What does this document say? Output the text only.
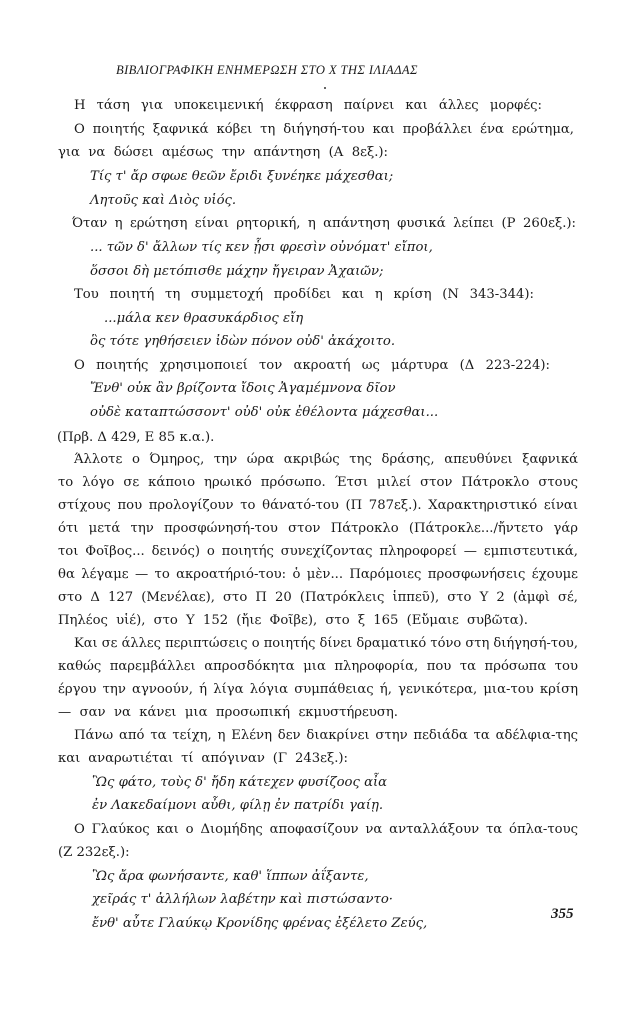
ΒΙΒΛΙΟΓΡΑΦΙΚΗ ΕΝΗΜΕΡΩΣΗ ΣΤΟ Χ ΤΗΣ ΙΛΙΑΔΑΣ
Η τάση για υποκειμενική έκφραση παίρνει και άλλες μορφές:
Ο ποιητής ξαφνικά κόβει τη διήγησή-του και προβάλλει ένα ερώτημα,
για να δώσει αμέσως την απάντηση (Α 8εξ.):
Τίς τ' ἄρ σφωε θεῶν ἔριδι ξυνέηκε μάχεσθαι;
Λητοῦς καὶ Διὸς υἱός.
Όταν η ερώτηση είναι ρητορική, η απάντηση φυσικά λείπει (Ρ 260εξ.):
... τῶν δ' ἄλλων τίς κεν ᾗσι φρεσὶν οὐνόματ' εἴποι,
ὅσσοι δὴ μετόπισθε μάχην ἤγειραν Ἀχαιῶν;
Του ποιητή τη συμμετοχή προδίδει και η κρίση (Ν 343-344):
...μάλα κεν θρασυκάρδιος εἴη
ὃς τότε γηθήσειεν ἰδὼν πόνον οὐδ' ἀκάχοιτο.
Ο ποιητής χρησιμοποιεί τον ακροατή ως μάρτυρα (Δ 223-224):
Ἔνθ' οὐκ ἂν βρίζοντα ἴδοις Ἀγαμέμνονα δῖον
οὐδὲ καταπτώσσοντ' οὐδ' οὐκ ἐθέλοντα μάχεσθαι...
(Πρβ. Δ 429, Ε 85 κ.α.).
Άλλοτε ο Όμηρος, την ώρα ακριβώς της δράσης, απευθύνει ξαφνικά
το λόγο σε κάποιο ηρωικό πρόσωπο. Έτσι μιλεί στον Πάτροκλο στους
στίχους που προλογίζουν το θάνατό-του (Π 787εξ.). Χαρακτηριστικό είναι
ότι μετά την προσφώνησή-του στον Πάτροκλο (Πάτροκλε.../ἤντετο γάρ
τοι Φοῖβος... δεινός) ο ποιητής συνεχίζοντας πληροφορεί — εμπιστευτικά,
θα λέγαμε — το ακροατήριό-του: ὁ μὲν... Παρόμοιες προσφωνήσεις έχουμε
στο Δ 127 (Μενέλαε), στο Π 20 (Πατρόκλεις ἱππεῦ), στο Υ 2 (ἀμφὶ σέ,
Πηλέος υἱέ), στο Υ 152 (ἤιε Φοῖβε), στο ξ 165 (Εὔμαιε συβῶτα).
Και σε άλλες περιπτώσεις ο ποιητής δίνει δραματικό τόνο στη διήγησή-του,
καθώς παρεμβάλλει απροσδόκητα μια πληροφορία, που τα πρόσωπα του
έργου την αγνοούν, ή λίγα λόγια συμπάθειας ή, γενικότερα, μια-του κρίση
— σαν να κάνει μια προσωπική εκμυστήρευση.
Πάνω από τα τείχη, η Ελένη δεν διακρίνει στην πεδιάδα τα αδέλφια-της
και αναρωτιέται τί απόγιναν (Γ 243εξ.):
Ὣς φάτο, τοὺς δ' ἤδη κάτεχεν φυσίζοος αἶα
ἐν Λακεδαίμονι αὖθι, φίλῃ ἐν πατρίδι γαίῃ.
Ο Γλαύκος και ο Διομήδης αποφασίζουν να ανταλλάξουν τα όπλα-τους
(Ζ 232εξ.):
Ὣς ἄρα φωνήσαντε, καθ' ἵππων ἀΐξαντε,
χεῖράς τ' ἀλλήλων λαβέτην καὶ πιστώσαντο·
ἔνθ' αὖτε Γλαύκῳ Κρονίδης φρένας ἐξέλετο Ζεύς,
355
